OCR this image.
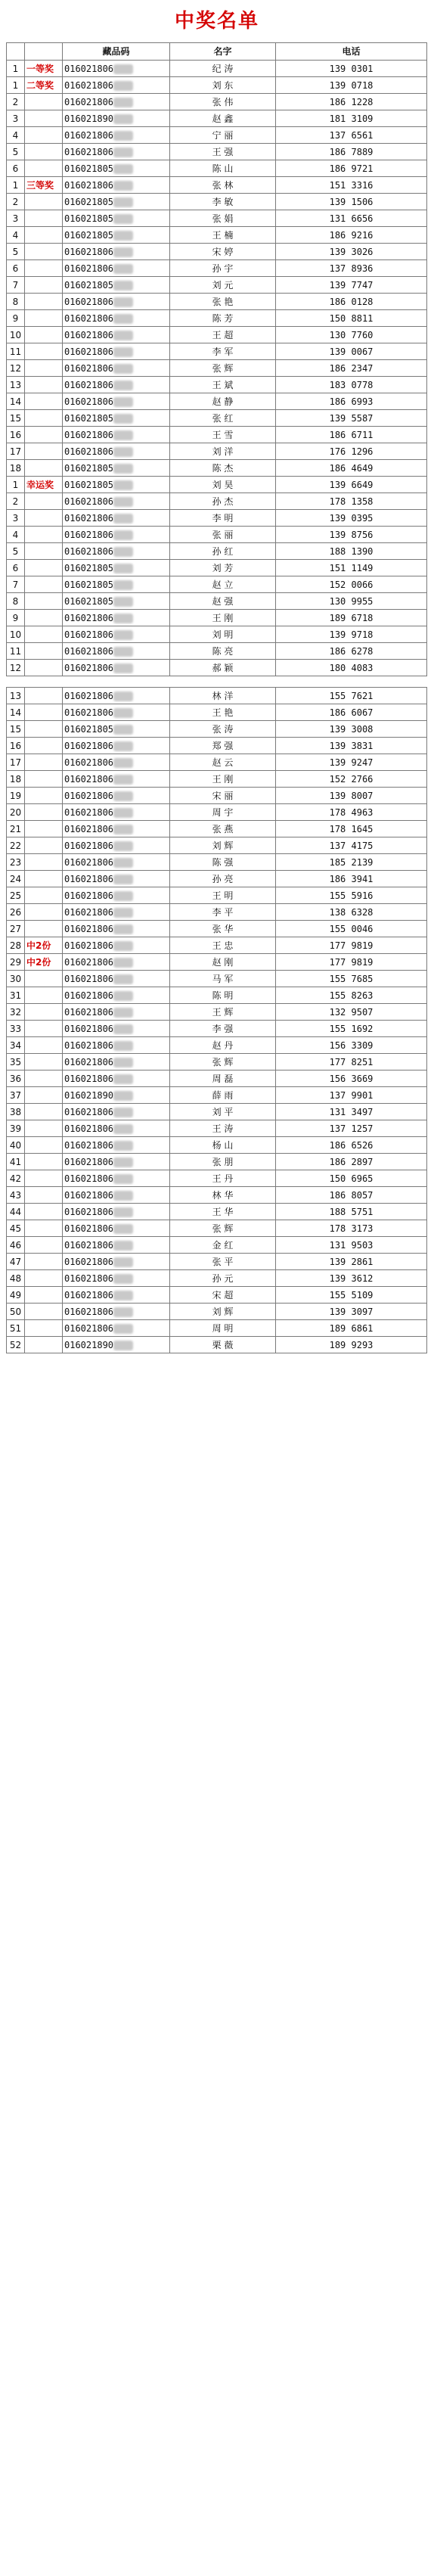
中奖名单
		藏品码	名字	电话
1	一等奖	016021806	纪 涛	139 0301
1	二等奖	016021806	刘 东	139 0718
2		016021806	张 伟	186 1228
3		016021890	赵 鑫	181 3109
4		016021806	宁 丽	137 6561
5		016021806	王 强	186 7889
6		016021805	陈 山	186 9721
1	三等奖	016021806	张 林	151 3316
2		016021805	李 敏	139 1506
3		016021805	张 娟	131 6656
4		016021805	王 楠	186 9216
5		016021806	宋 婷	139 3026
6		016021806	孙 宇	137 8936
7		016021805	刘 元	139 7747
8		016021806	张 艳	186 0128
9		016021806	陈 芳	150 8811
10		016021806	王 超	130 7760
11		016021806	李 军	139 0067
12		016021806	张 辉	186 2347
13		016021806	王 斌	183 0778
14		016021806	赵 静	186 6993
15		016021805	张 红	139 5587
16		016021806	王 雪	186 6711
17		016021806	刘 洋	176 1296
18		016021805	陈 杰	186 4649
1	幸运奖	016021805	刘 昊	139 6649
2		016021806	孙 杰	178 1358
3		016021806	李 明	139 0395
4		016021806	张 丽	139 8756
5		016021806	孙 红	188 1390
6		016021805	刘 芳	151 1149
7		016021805	赵 立	152 0066
8		016021805	赵 强	130 9955
9		016021806	王 刚	189 6718
10		016021806	刘 明	139 9718
11		016021806	陈 亮	186 6278
12		016021806	郝 颖	180 4083

13		016021806	林 洋	155 7621
14		016021806	王 艳	186 6067
15		016021805	张 涛	139 3008
16		016021806	郑 强	139 3831
17		016021806	赵 云	139 9247
18		016021806	王 刚	152 2766
19		016021806	宋 丽	139 8007
20		016021806	周 宇	178 4963
21		016021806	张 燕	178 1645
22		016021806	刘 辉	137 4175
23		016021806	陈 强	185 2139
24		016021806	孙 亮	186 3941
25		016021806	王 明	155 5916
26		016021806	李 平	138 6328
27		016021806	张 华	155 0046
28	中2份	016021806	王 忠	177 9819
29	中2份	016021806	赵 刚	177 9819
30		016021806	马 军	155 7685
31		016021806	陈 明	155 8263
32		016021806	王 辉	132 9507
33		016021806	李 强	155 1692
34		016021806	赵 丹	156 3309
35		016021806	张 辉	177 8251
36		016021806	周 磊	156 3669
37		016021890	薛 雨	137 9901
38		016021806	刘 平	131 3497
39		016021806	王 涛	137 1257
40		016021806	杨 山	186 6526
41		016021806	张 朋	186 2897
42		016021806	王 丹	150 6965
43		016021806	林 华	186 8057
44		016021806	王 华	188 5751
45		016021806	张 辉	178 3173
46		016021806	金 红	131 9503
47		016021806	张 平	139 2861
48		016021806	孙 元	139 3612
49		016021806	宋 超	155 5109
50		016021806	刘 辉	139 3097
51		016021806	周 明	189 6861
52		016021890	栗 薇	189 9293
